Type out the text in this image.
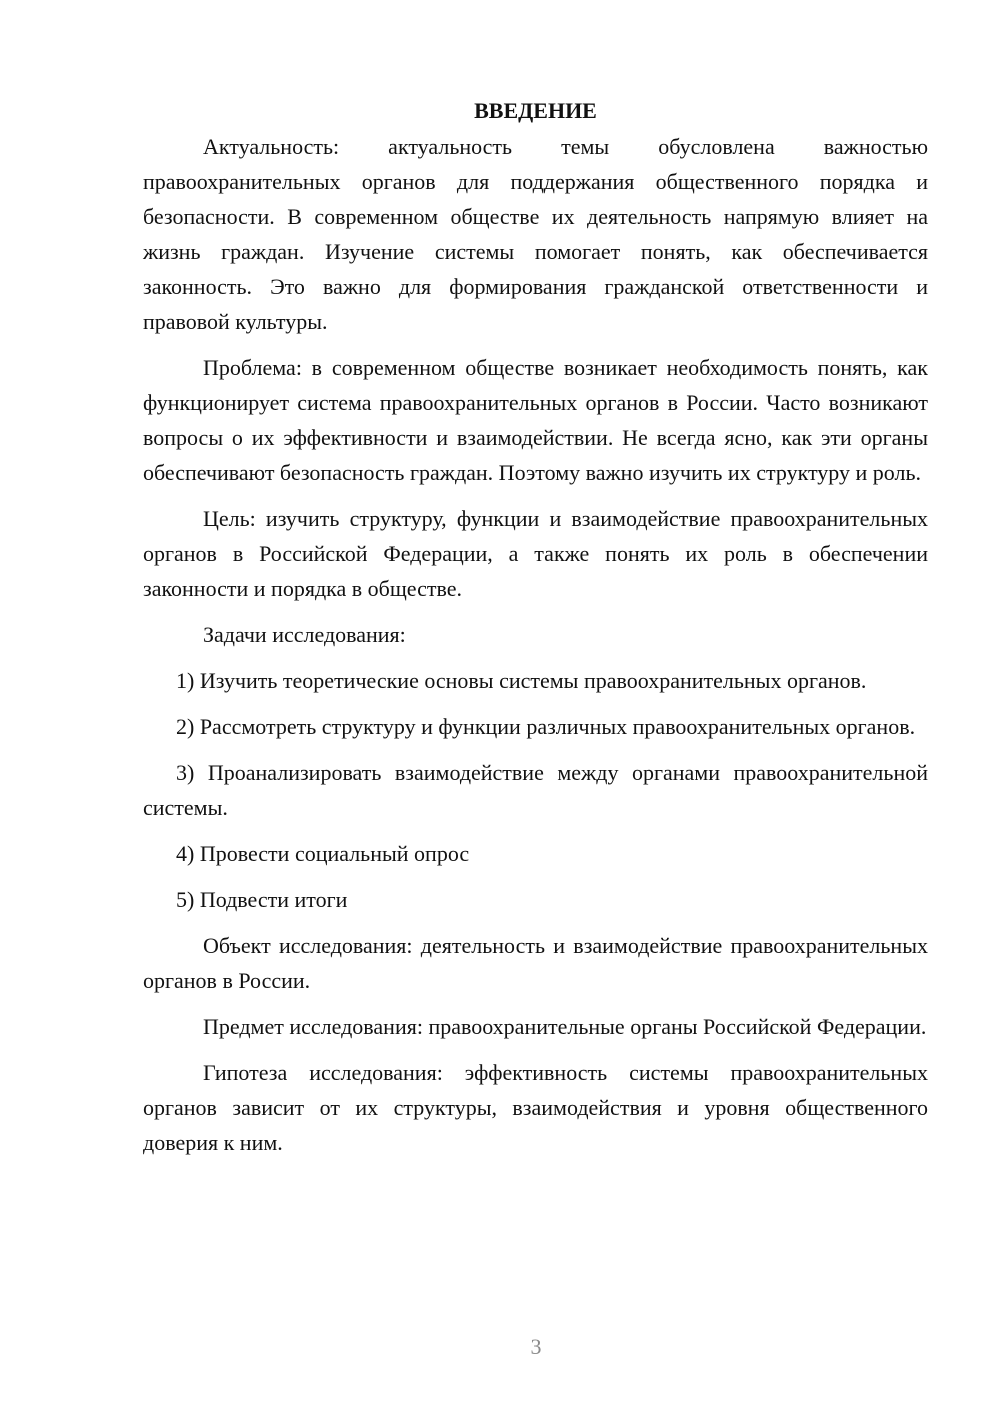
ВВЕДЕНИЕ

Актуальность: актуальность темы обусловлена важностью правоохранительных органов для поддержания общественного порядка и безопасности. В современном обществе их деятельность напрямую влияет на жизнь граждан. Изучение системы помогает понять, как обеспечивается законность. Это важно для формирования гражданской ответственности и правовой культуры.

Проблема: в современном обществе возникает необходимость понять, как функционирует система правоохранительных органов в России. Часто возникают вопросы о их эффективности и взаимодействии. Не всегда ясно, как эти органы обеспечивают безопасность граждан. Поэтому важно изучить их структуру и роль.

Цель: изучить структуру, функции и взаимодействие правоохранительных органов в Российской Федерации, а также понять их роль в обеспечении законности и порядка в обществе.

Задачи исследования:

1) Изучить теоретические основы системы правоохранительных органов.

2) Рассмотреть структуру и функции различных правоохранительных органов.

3) Проанализировать взаимодействие между органами правоохранительной системы.

4) Провести социальный опрос

5) Подвести итоги

Объект исследования: деятельность и взаимодействие правоохранительных органов в России.

Предмет исследования: правоохранительные органы Российской Федерации.

Гипотеза исследования: эффективность системы правоохранительных органов зависит от их структуры, взаимодействия и уровня общественного доверия к ним.

3
